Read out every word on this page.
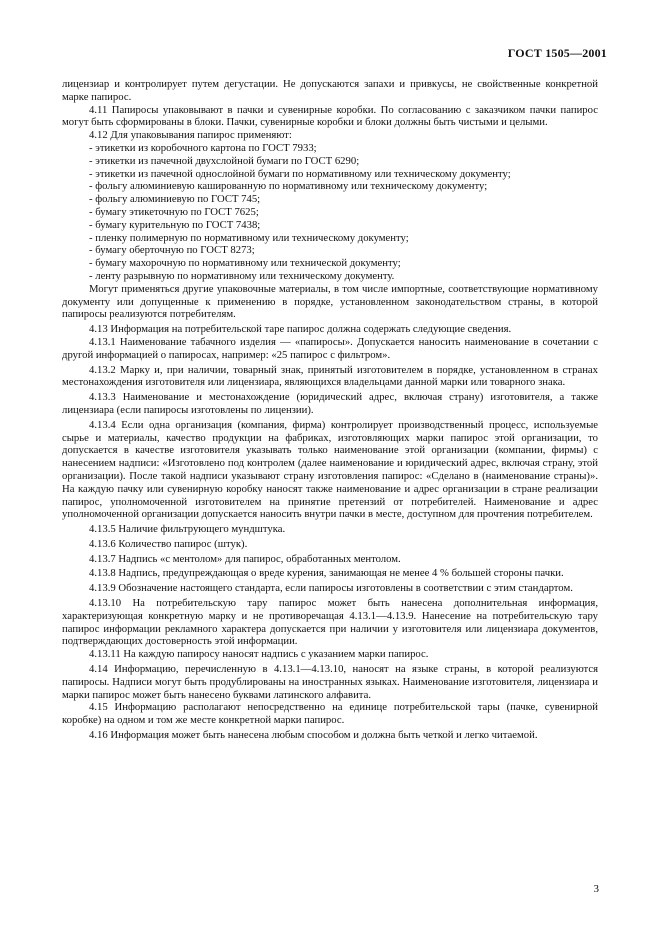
ГОСТ 1505—2001

лицензиар и контролирует путем дегустации. Не допускаются запахи и привкусы, не свойственные конкретной марке папирос.

4.11 Папиросы упаковывают в пачки и сувенирные коробки. По согласованию с заказчиком пачки папирос могут быть сформированы в блоки. Пачки, сувенирные коробки и блоки должны быть чистыми и целыми.

4.12 Для упаковывания папирос применяют:

- этикетки из коробочного картона по ГОСТ 7933;

- этикетки из пачечной двухслойной бумаги по ГОСТ 6290;

- этикетки из пачечной однослойной бумаги по нормативному или техническому документу;

- фольгу алюминиевую кашированную по нормативному или техническому документу;

- фольгу алюминиевую по ГОСТ 745;

- бумагу этикеточную по ГОСТ 7625;

- бумагу курительную по ГОСТ 7438;

- пленку полимерную по нормативному или техническому документу;

- бумагу оберточную по ГОСТ 8273;

- бумагу махорочную по нормативному или технической документу;

- ленту разрывную по нормативному или техническому документу.

Могут применяться другие упаковочные материалы, в том числе импортные, соответствующие нормативному документу или допущенные к применению в порядке, установленном законодательством страны, в которой папиросы реализуются потребителям.

4.13 Информация на потребительской таре папирос должна содержать следующие сведения.

4.13.1 Наименование табачного изделия — «папиросы». Допускается наносить наименование в сочетании с другой информацией о папиросах, например: «25 папирос с фильтром».

4.13.2 Марку и, при наличии, товарный знак, принятый изготовителем в порядке, установленном в странах местонахождения изготовителя или лицензиара, являющихся владельцами данной марки или товарного знака.

4.13.3 Наименование и местонахождение (юридический адрес, включая страну) изготовителя, а также лицензиара (если папиросы изготовлены по лицензии).

4.13.4 Если одна организация (компания, фирма) контролирует производственный процесс, используемые сырье и материалы, качество продукции на фабриках, изготовляющих марки папирос этой организации, то допускается в качестве изготовителя указывать только наименование этой организации (компании, фирмы) с нанесением надписи: «Изготовлено под контролем (далее наименование и юридический адрес, включая страну, этой организации). После такой надписи указывают страну изготовления папирос: «Сделано в (наименование страны)». На каждую пачку или сувенирную коробку наносят также наименование и адрес организации в стране реализации папирос, уполномоченной изготовителем на принятие претензий от потребителей. Наименование и адрес уполномоченной организации допускается наносить внутри пачки в месте, доступном для прочтения потребителем.

4.13.5 Наличие фильтрующего мундштука.

4.13.6 Количество папирос (штук).

4.13.7 Надпись «с ментолом» для папирос, обработанных ментолом.

4.13.8 Надпись, предупреждающая о вреде курения, занимающая не менее 4 % большей стороны пачки.

4.13.9 Обозначение настоящего стандарта, если папиросы изготовлены в соответствии с этим стандартом.

4.13.10 На потребительскую тару папирос может быть нанесена дополнительная информация, характеризующая конкретную марку и не противоречащая 4.13.1—4.13.9. Нанесение на потребительскую тару папирос информации рекламного характера допускается при наличии у изготовителя или лицензиара документов, подтверждающих достоверность этой информации.

4.13.11 На каждую папиросу наносят надпись с указанием марки папирос.

4.14 Информацию, перечисленную в 4.13.1—4.13.10, наносят на языке страны, в которой реализуются папиросы. Надписи могут быть продублированы на иностранных языках. Наименование изготовителя, лицензиара и марки папирос может быть нанесено буквами латинского алфавита.

4.15 Информацию располагают непосредственно на единице потребительской тары (пачке, сувенирной коробке) на одном и том же месте конкретной марки папирос.

4.16 Информация может быть нанесена любым способом и должна быть четкой и легко читаемой.

3
